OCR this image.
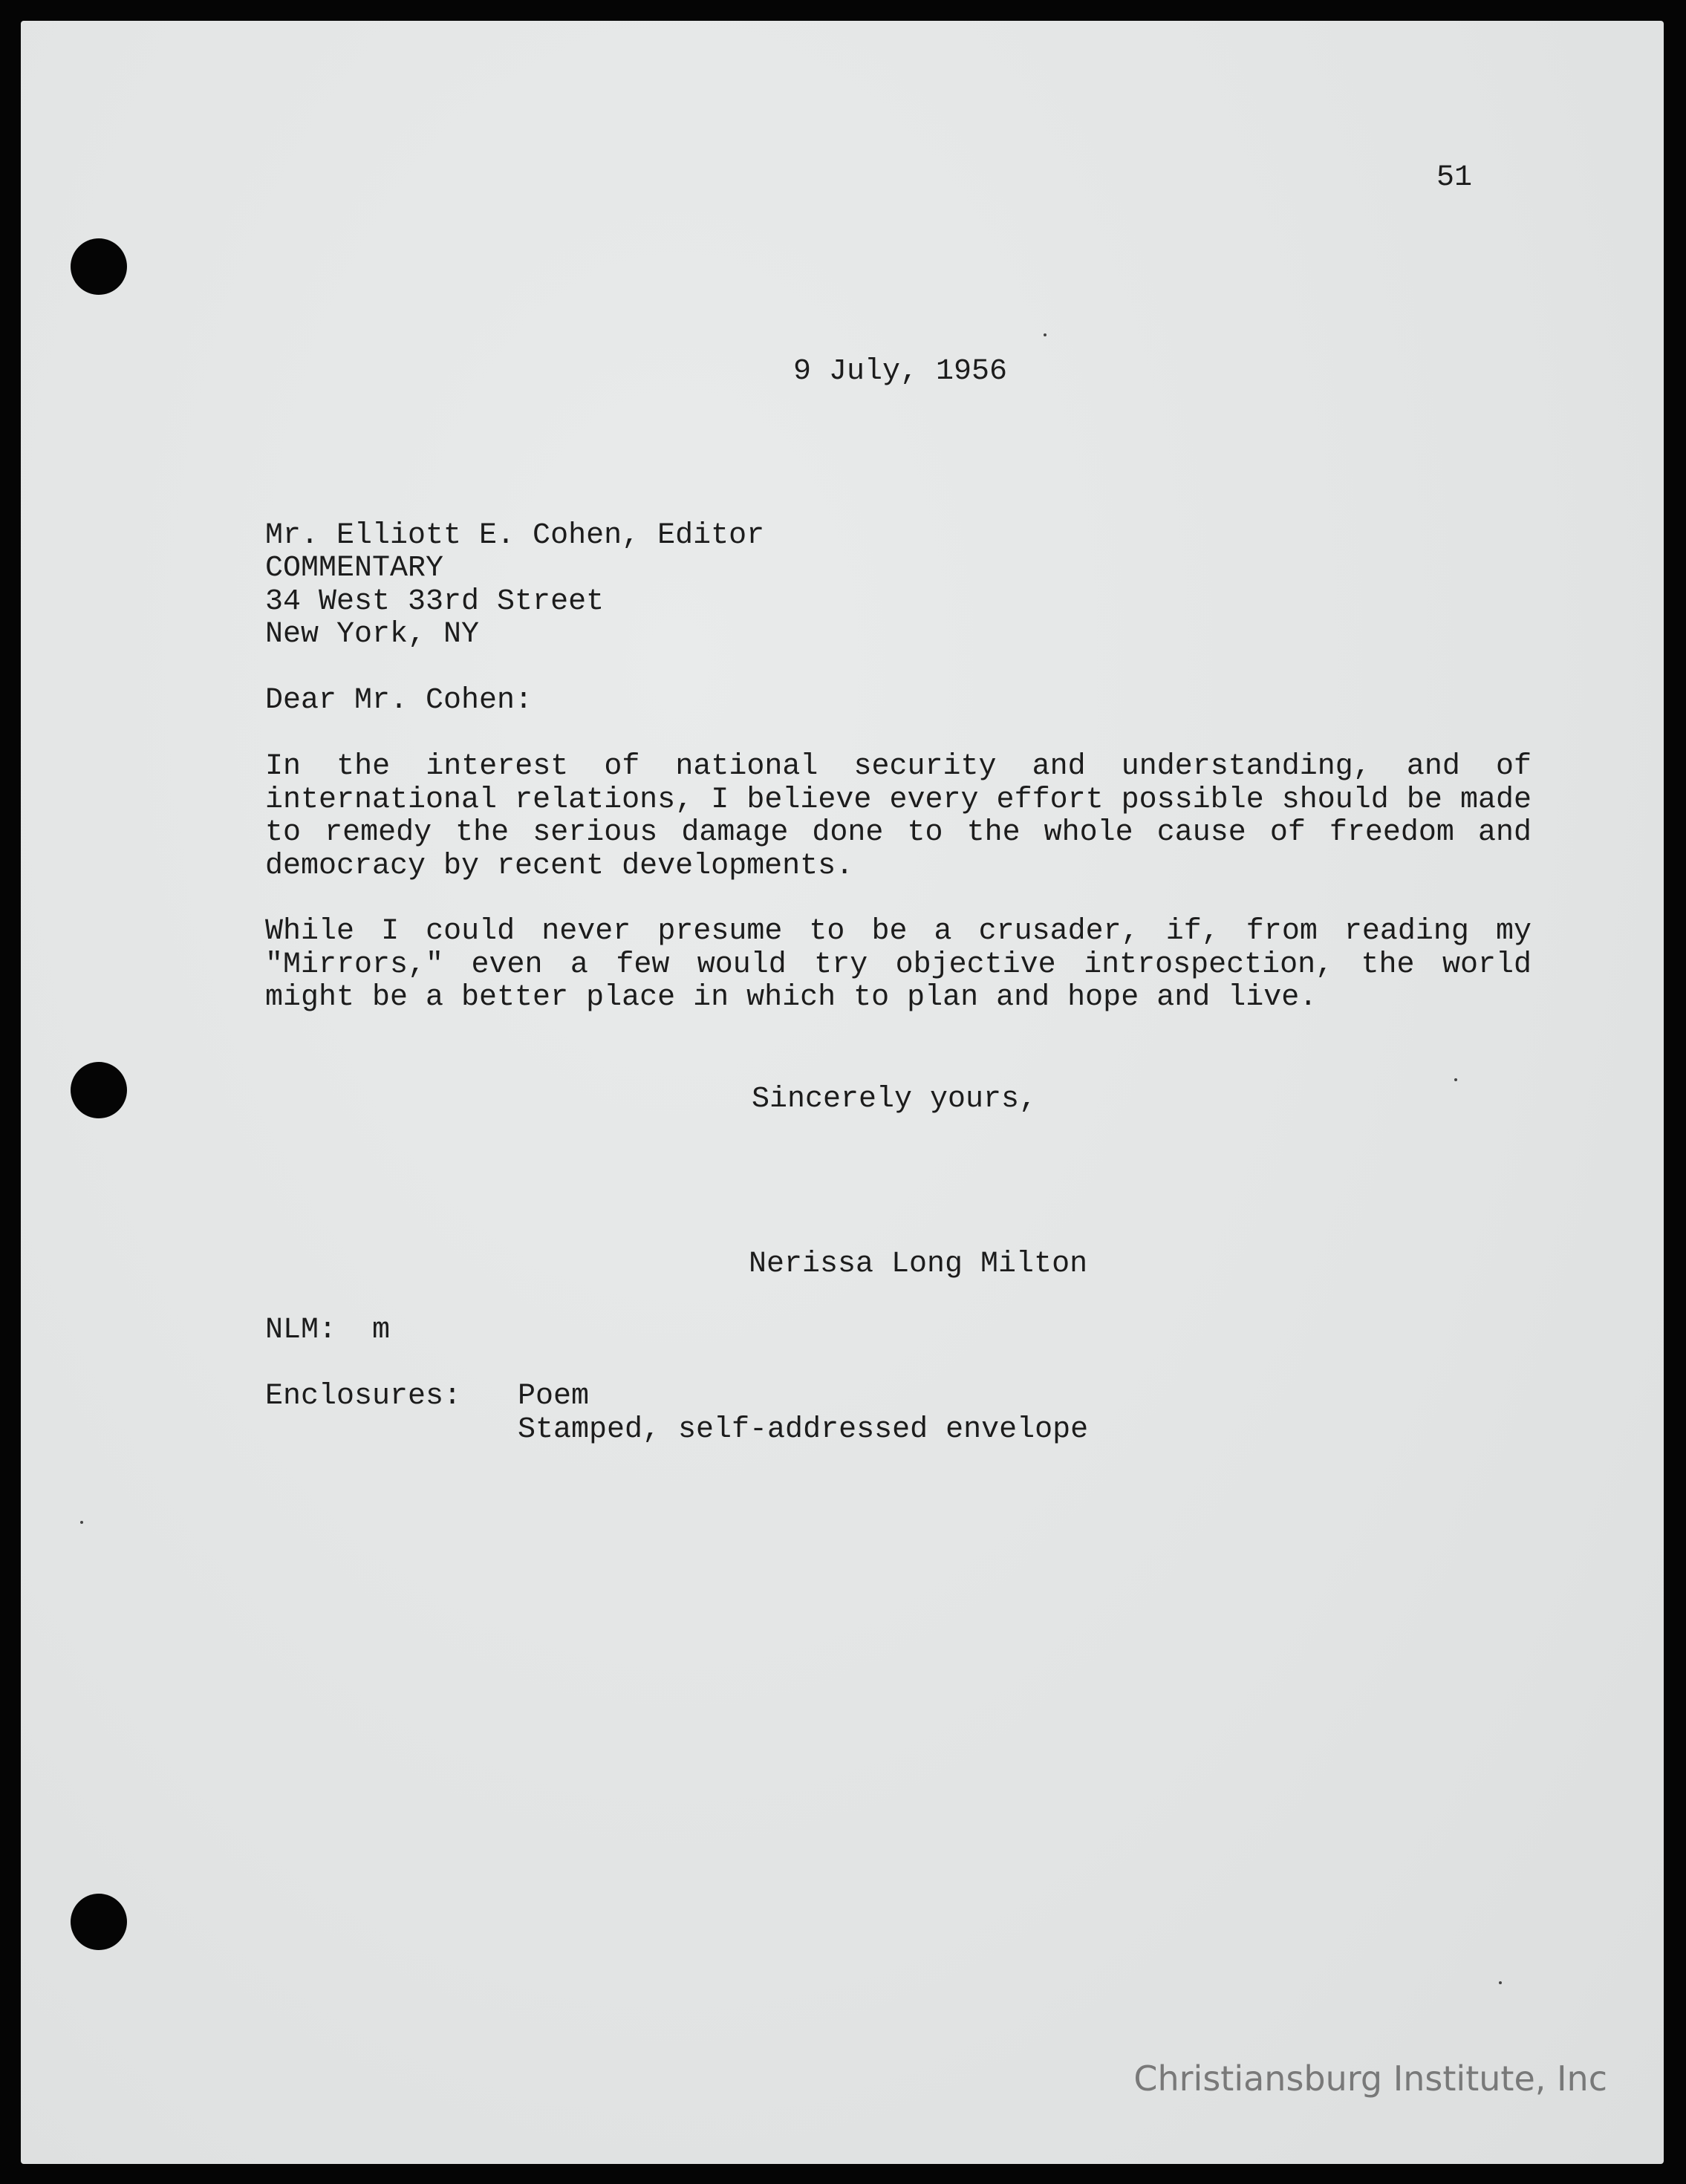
51

9 July, 1956

Mr. Elliott E. Cohen, Editor

COMMENTARY

34 West 33rd Street

New York, NY

Dear Mr. Cohen:

In the interest of national security and understanding, and of international relations, I believe every effort possible should be made to remedy the serious damage done to the whole cause of freedom and democracy by recent developments.

While I could never presume to be a crusader, if, from reading my "Mirrors," even a few would try objective introspection, the world might be a better place in which to plan and hope and live.

Sincerely yours,

Nerissa Long Milton

NLM:  m

Enclosures: Poem

Stamped, self-addressed envelope

Christiansburg Institute, Inc
